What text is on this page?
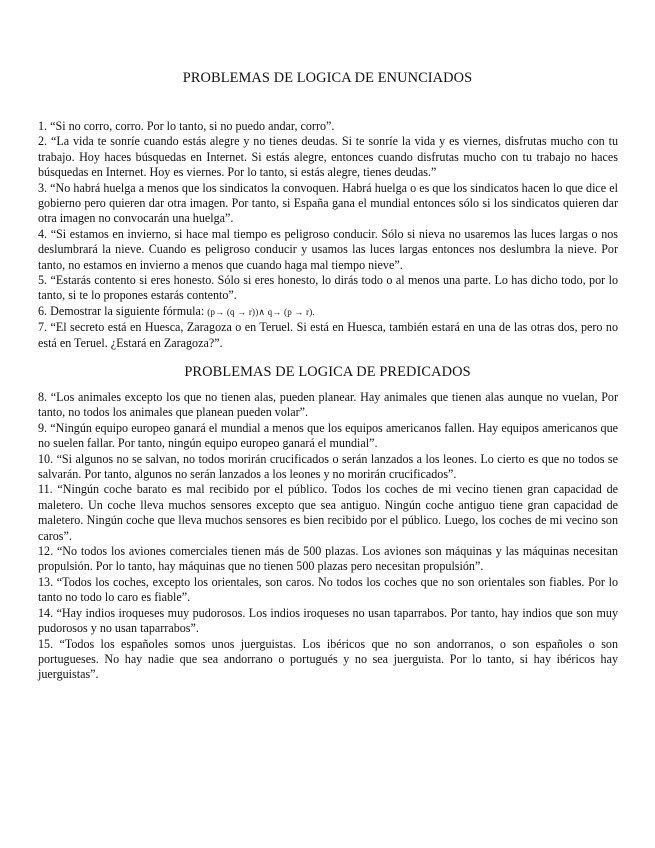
PROBLEMAS DE LOGICA DE ENUNCIADOS

1. “Si no corro, corro. Por lo tanto, si no puedo andar, corro”.

2. “La vida te sonríe cuando estás alegre y no tienes deudas. Si te sonríe la vida y es viernes, disfrutas mucho con tu trabajo. Hoy haces búsquedas en Internet. Si estás alegre, entonces cuando disfrutas mucho con tu trabajo no haces búsquedas en Internet. Hoy es viernes. Por lo tanto, si estás alegre, tienes deudas.”

3. “No habrá huelga a menos que los sindicatos la convoquen. Habrá huelga o es que los sindicatos hacen lo que dice el gobierno pero quieren dar otra imagen. Por tanto, si España gana el mundial entonces sólo si los sindicatos quieren dar otra imagen no convocarán una huelga”.

4. “Si estamos en invierno, si hace mal tiempo es peligroso conducir. Sólo si nieva no usaremos las luces largas o nos deslumbrará la nieve. Cuando es peligroso conducir y usamos las luces largas entonces nos deslumbra la nieve. Por tanto, no estamos en invierno a menos que cuando haga mal tiempo nieve”.

5. “Estarás contento si eres honesto. Sólo si eres honesto, lo dirás todo o al menos una parte. Lo has dicho todo, por lo tanto, si te lo propones estarás contento”.

6. Demostrar la siguiente fórmula: (p→ (q → r))∧ q→ (p → r).

7. “El secreto está en Huesca, Zaragoza o en Teruel. Si está en Huesca, también estará en una de las otras dos, pero no está en Teruel. ¿Estará en Zaragoza?”.

PROBLEMAS DE LOGICA DE PREDICADOS

8. “Los animales excepto los que no tienen alas, pueden planear. Hay animales que tienen alas aunque no vuelan, Por tanto, no todos los animales que planean pueden volar”.

9. “Ningún equipo europeo ganará el mundial a menos que los equipos americanos fallen. Hay equipos americanos que no suelen fallar. Por tanto, ningún equipo europeo ganará el mundial”.

10. “Si algunos no se salvan, no todos morirán crucificados o serán lanzados a los leones. Lo cierto es que no todos se salvarán. Por tanto, algunos no serán lanzados a los leones y no morirán crucificados”.

11. “Ningún coche barato es mal recibido por el público. Todos los coches de mi vecino tienen gran capacidad de maletero. Un coche lleva muchos sensores excepto que sea antiguo. Ningún coche antiguo tiene gran capacidad de maletero. Ningún coche que lleva muchos sensores es bien recibido por el público. Luego, los coches de mi vecino son caros”.

12. “No todos los aviones comerciales tienen más de 500 plazas. Los aviones son máquinas y las máquinas necesitan propulsión. Por lo tanto, hay máquinas que no tienen 500 plazas pero necesitan propulsión”.

13. “Todos los coches, excepto los orientales, son caros. No todos los coches que no son orientales son fiables. Por lo tanto no todo lo caro es fiable”.

14. “Hay indios iroqueses muy pudorosos. Los indios iroqueses no usan taparrabos. Por tanto, hay indios que son muy pudorosos y no usan taparrabos”.

15. “Todos los españoles somos unos juerguistas. Los ibéricos que no son andorranos, o son españoles o son portugueses. No hay nadie que sea andorrano o portugués y no sea juerguista. Por lo tanto, si hay ibéricos hay juerguistas”.
